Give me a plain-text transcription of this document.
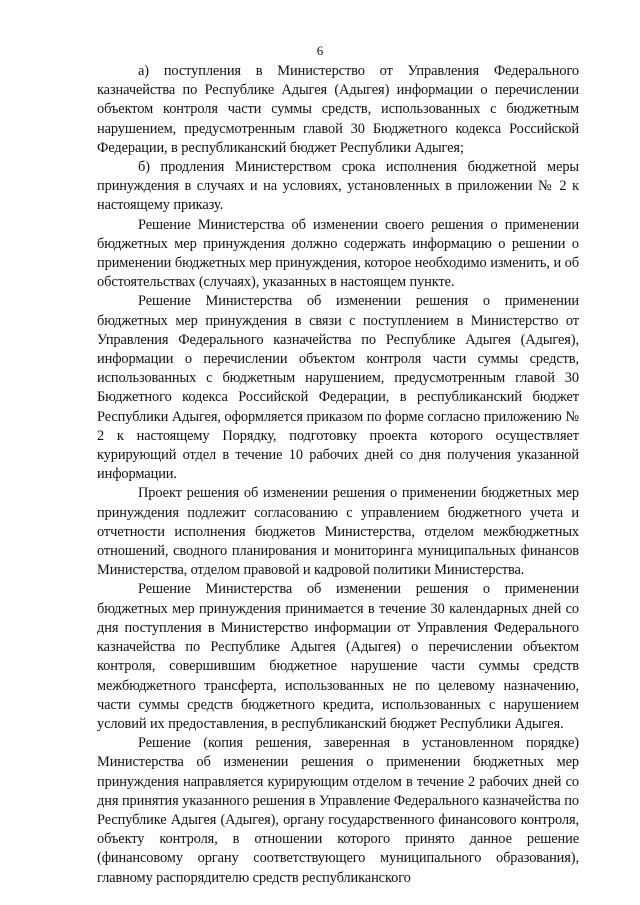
6

а) поступления в Министерство от Управления Федерального казначейства по Республике Адыгея (Адыгея) информации о перечислении объектом контроля части суммы средств, использованных с бюджетным нарушением, предусмотренным главой 30 Бюджетного кодекса Российской Федерации, в республиканский бюджет Республики Адыгея;

б) продления Министерством срока исполнения бюджетной меры принуждения в случаях и на условиях, установленных в приложении № 2 к настоящему приказу.

Решение Министерства об изменении своего решения о применении бюджетных мер принуждения должно содержать информацию о решении о применении бюджетных мер принуждения, которое необходимо изменить, и об обстоятельствах (случаях), указанных в настоящем пункте.

Решение Министерства об изменении решения о применении бюджетных мер принуждения в связи с поступлением в Министерство от Управления Федерального казначейства по Республике Адыгея (Адыгея), информации о перечислении объектом контроля части суммы средств, использованных с бюджетным нарушением, предусмотренным главой 30 Бюджетного кодекса Российской Федерации, в республиканский бюджет Республики Адыгея, оформляется приказом по форме согласно приложению № 2 к настоящему Порядку, подготовку проекта которого осуществляет курирующий отдел в течение 10 рабочих дней со дня получения указанной информации.

Проект решения об изменении решения о применении бюджетных мер принуждения подлежит согласованию с управлением бюджетного учета и отчетности исполнения бюджетов Министерства, отделом межбюджетных отношений, сводного планирования и мониторинга муниципальных финансов Министерства, отделом правовой и кадровой политики Министерства.

Решение Министерства об изменении решения о применении бюджетных мер принуждения принимается в течение 30 календарных дней со дня поступления в Министерство информации от Управления Федерального казначейства по Республике Адыгея (Адыгея) о перечислении объектом контроля, совершившим бюджетное нарушение части суммы средств межбюджетного трансферта, использованных не по целевому назначению, части суммы средств бюджетного кредита, использованных с нарушением условий их предоставления, в республиканский бюджет Республики Адыгея.

Решение (копия решения, заверенная в установленном порядке) Министерства об изменении решения о применении бюджетных мер принуждения направляется курирующим отделом в течение 2 рабочих дней со дня принятия указанного решения в Управление Федерального казначейства по Республике Адыгея (Адыгея), органу государственного финансового контроля, объекту контроля, в отношении которого принято данное решение (финансовому органу соответствующего муниципального образования), главному распорядителю средств республиканского
